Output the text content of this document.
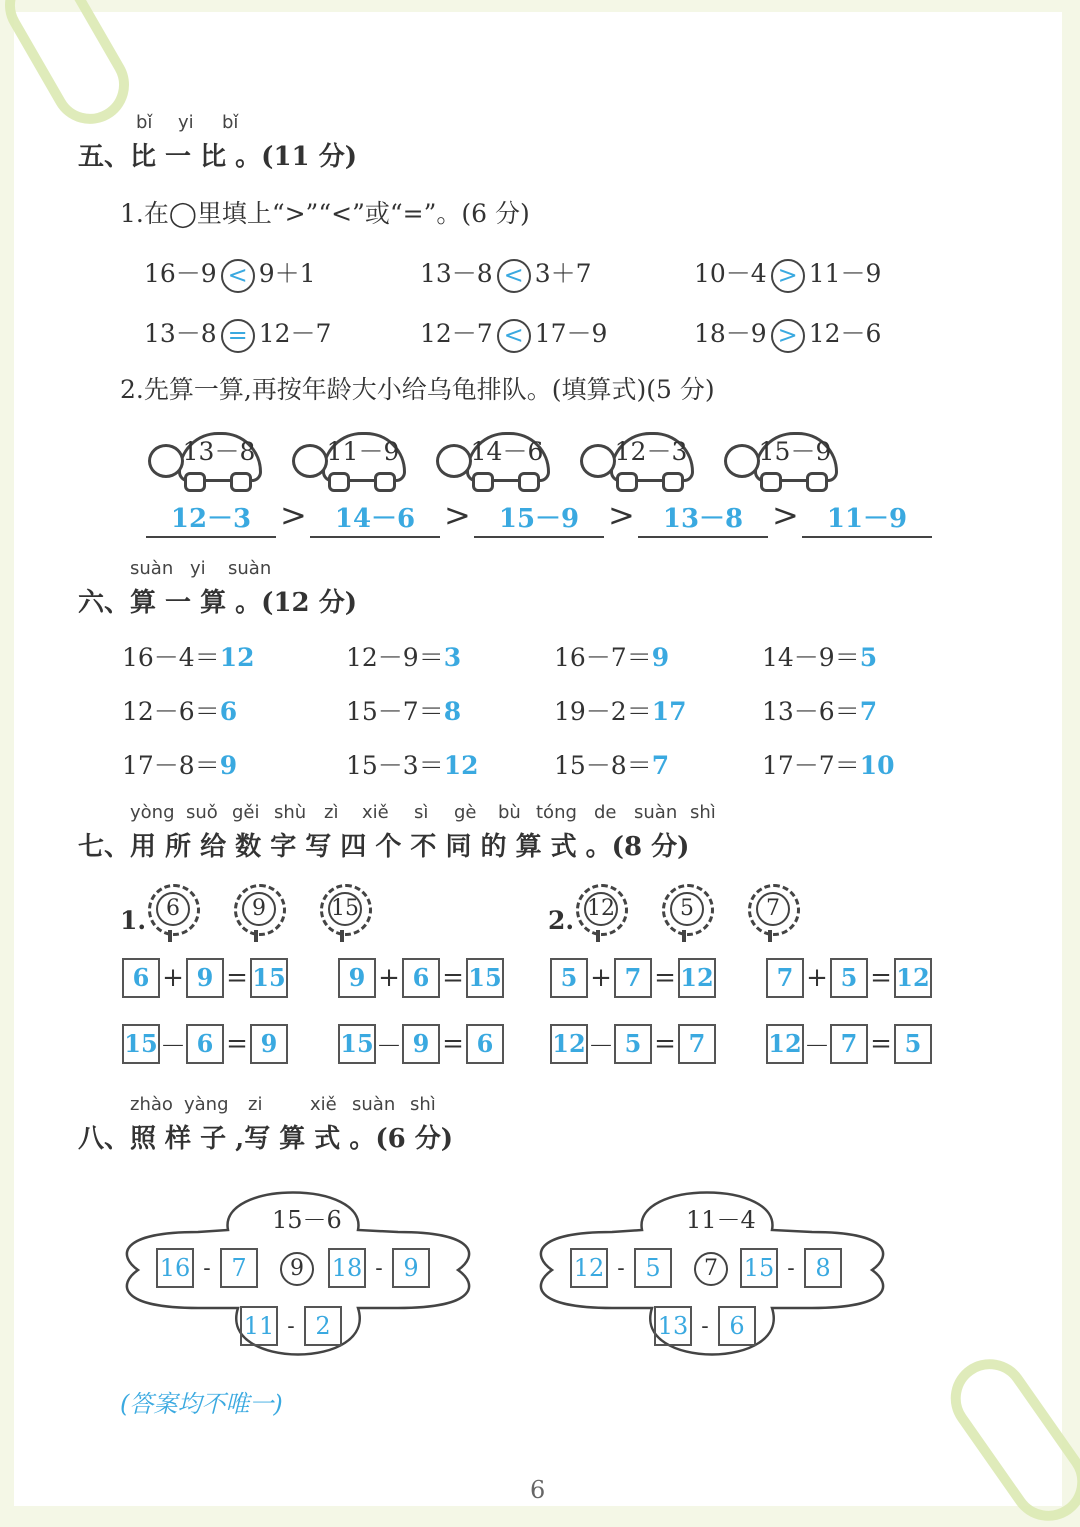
bǐ yi bǐ
五、比 一 比 。(11 分)
1.在◯里填上“>”“<”或“=”。(6 分)
16－9 < 9＋1	13－8 < 3＋7	10－4 > 11－9
13－8 = 12－7	12－7 < 17－9	18－9 > 12－6
2.先算一算,再按年龄大小给乌龟排队。(填算式)(5 分)
13－8	11－9	14－6	12－3	15－9
12－3 >	14－6 >	15－9 >	13－8 >	11－9
suàn yi suàn
六、算 一 算 。(12 分)
16－4＝12	12－9＝3	16－7＝9	14－9＝5
12－6＝6	15－7＝8	19－2＝17	13－6＝7
17－8＝9	15－3＝12	15－8＝7	17－7＝10
yòng suǒ gěi shù zì xiě sì gè bù tóng de suàn shì
七、用 所 给 数 字 写 四 个 不 同 的 算 式 。(8 分)
1. 6	9	15	2. 12	5	7
6 + 9 = 15	9 + 6 = 15	5 + 7 = 12	7 + 5 = 12
15－ 6 = 9	15－ 9 = 6	12－ 5 = 7	12－ 7 = 5
zhào yàng zi	xiě suàn shì
八、照 样 子 ,写 算 式 。(6 分)
15－6
16 - 7	9	18 - 9
11 - 2
11－4
12 - 5	7	15 - 8
13 - 6
(答案均不唯一)
6
